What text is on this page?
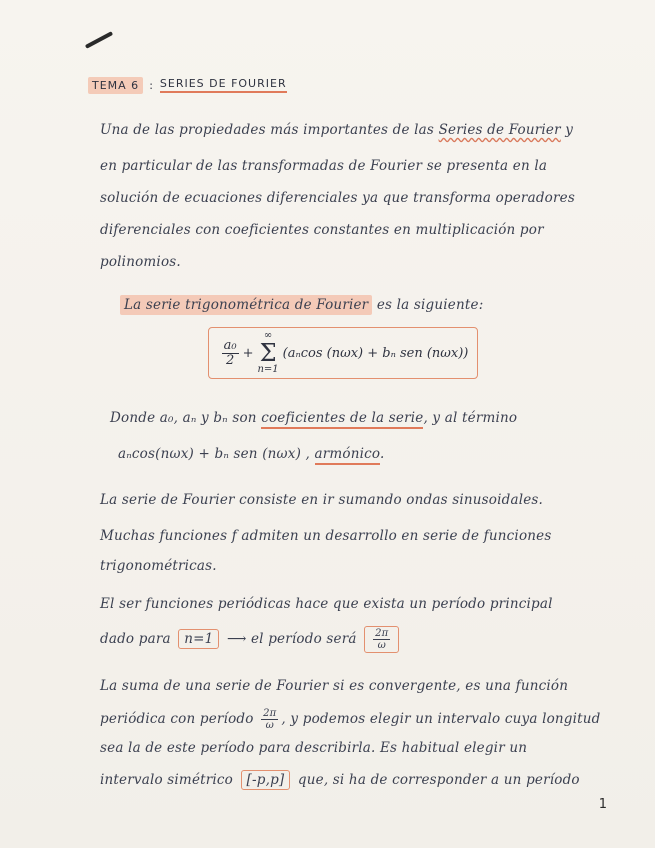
TEMA 6 : SERIES DE FOURIER
Una de las propiedades más importantes de las Series de Fourier y
en particular de las transformadas de Fourier se presenta en la
solución de ecuaciones diferenciales ya que transforma operadores
diferenciales con coeficientes constantes en multiplicación por
polinomios.
La serie trigonométrica de Fourier es la siguiente:
$\frac{\text{a₀}}{2}$ +
∞
Σ
n=1
(aₙcos (nωx) + bₙ sen (nωx))
Donde a₀, aₙ y bₙ son coeficientes de la serie, y al término
aₙcos(nωx) + bₙ sen (nωx) , armónico.
La serie de Fourier consiste en ir sumando ondas sinusoidales.
Muchas funciones f admiten un desarrollo en serie de funciones
trigonométricas.
El ser funciones periódicas hace que exista un período principal
dado para n=1 ⟶ el período será $\frac{2\pi}{\omega}$
La suma de una serie de Fourier si es convergente, es una función
periódica con período $\frac{2\pi}{\omega}$ , y podemos elegir un intervalo cuya longitud
sea la de este período para describirla. Es habitual elegir un
intervalo simétrico [-p,p] que, si ha de corresponder a un período
1
